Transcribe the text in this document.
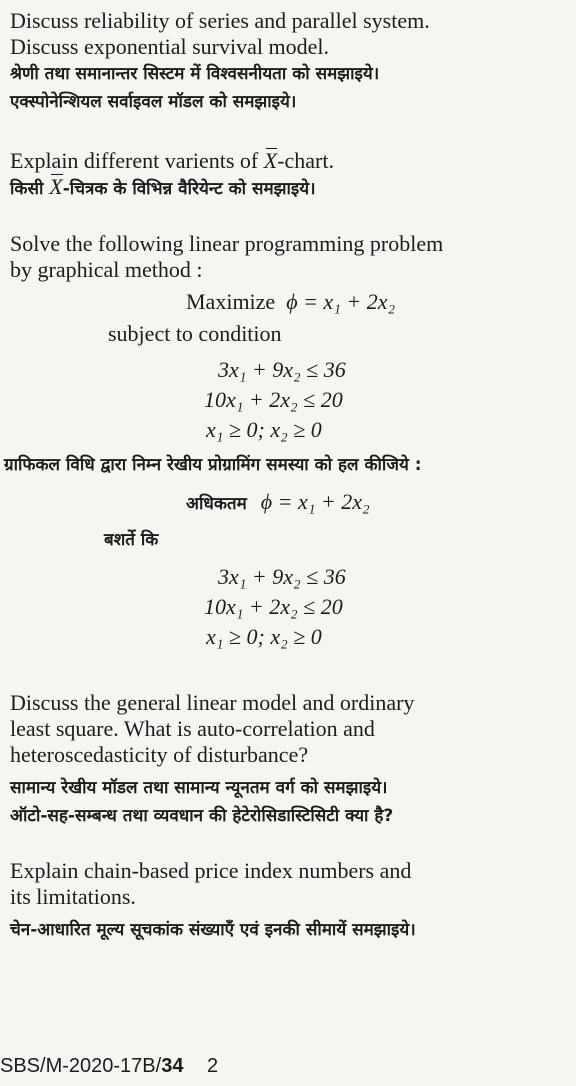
Discuss reliability of series and parallel system.
Discuss exponential survival model.
श्रेणी तथा समानान्तर सिस्टम में विश्वसनीयता को समझाइये।
एक्स्पोनेन्शियल सर्वाइवल मॉडल को समझाइये।
Explain different varients of X-chart.
किसी X-चित्रक के विभिन्न वैरियेन्ट को समझाइये।
Solve the following linear programming problem
by graphical method :
Maximize ϕ = x₁ + 2x₂
subject to condition
3x₁ + 9x₂ ≤ 36
10x₁ + 2x₂ ≤ 20
x₁ ≥ 0; x₂ ≥ 0
ग्राफिकल विधि द्वारा निम्न रेखीय प्रोग्रामिंग समस्या को हल कीजिये :
अधिकतम ϕ = x₁ + 2x₂
बशर्ते कि
3x₁ + 9x₂ ≤ 36
10x₁ + 2x₂ ≤ 20
x₁ ≥ 0; x₂ ≥ 0
Discuss the general linear model and ordinary
least square. What is auto-correlation and
heteroscedasticity of disturbance?
सामान्य रेखीय मॉडल तथा सामान्य न्यूनतम वर्ग को समझाइये।
ऑटो-सह-सम्बन्ध तथा व्यवधान की हेटेरोसिडास्टिसिटी क्या है?
Explain chain-based price index numbers and
its limitations.
चेन-आधारित मूल्य सूचकांक संख्याएँ एवं इनकी सीमायें समझाइये।
SBS/M-2020-17B/34 2
